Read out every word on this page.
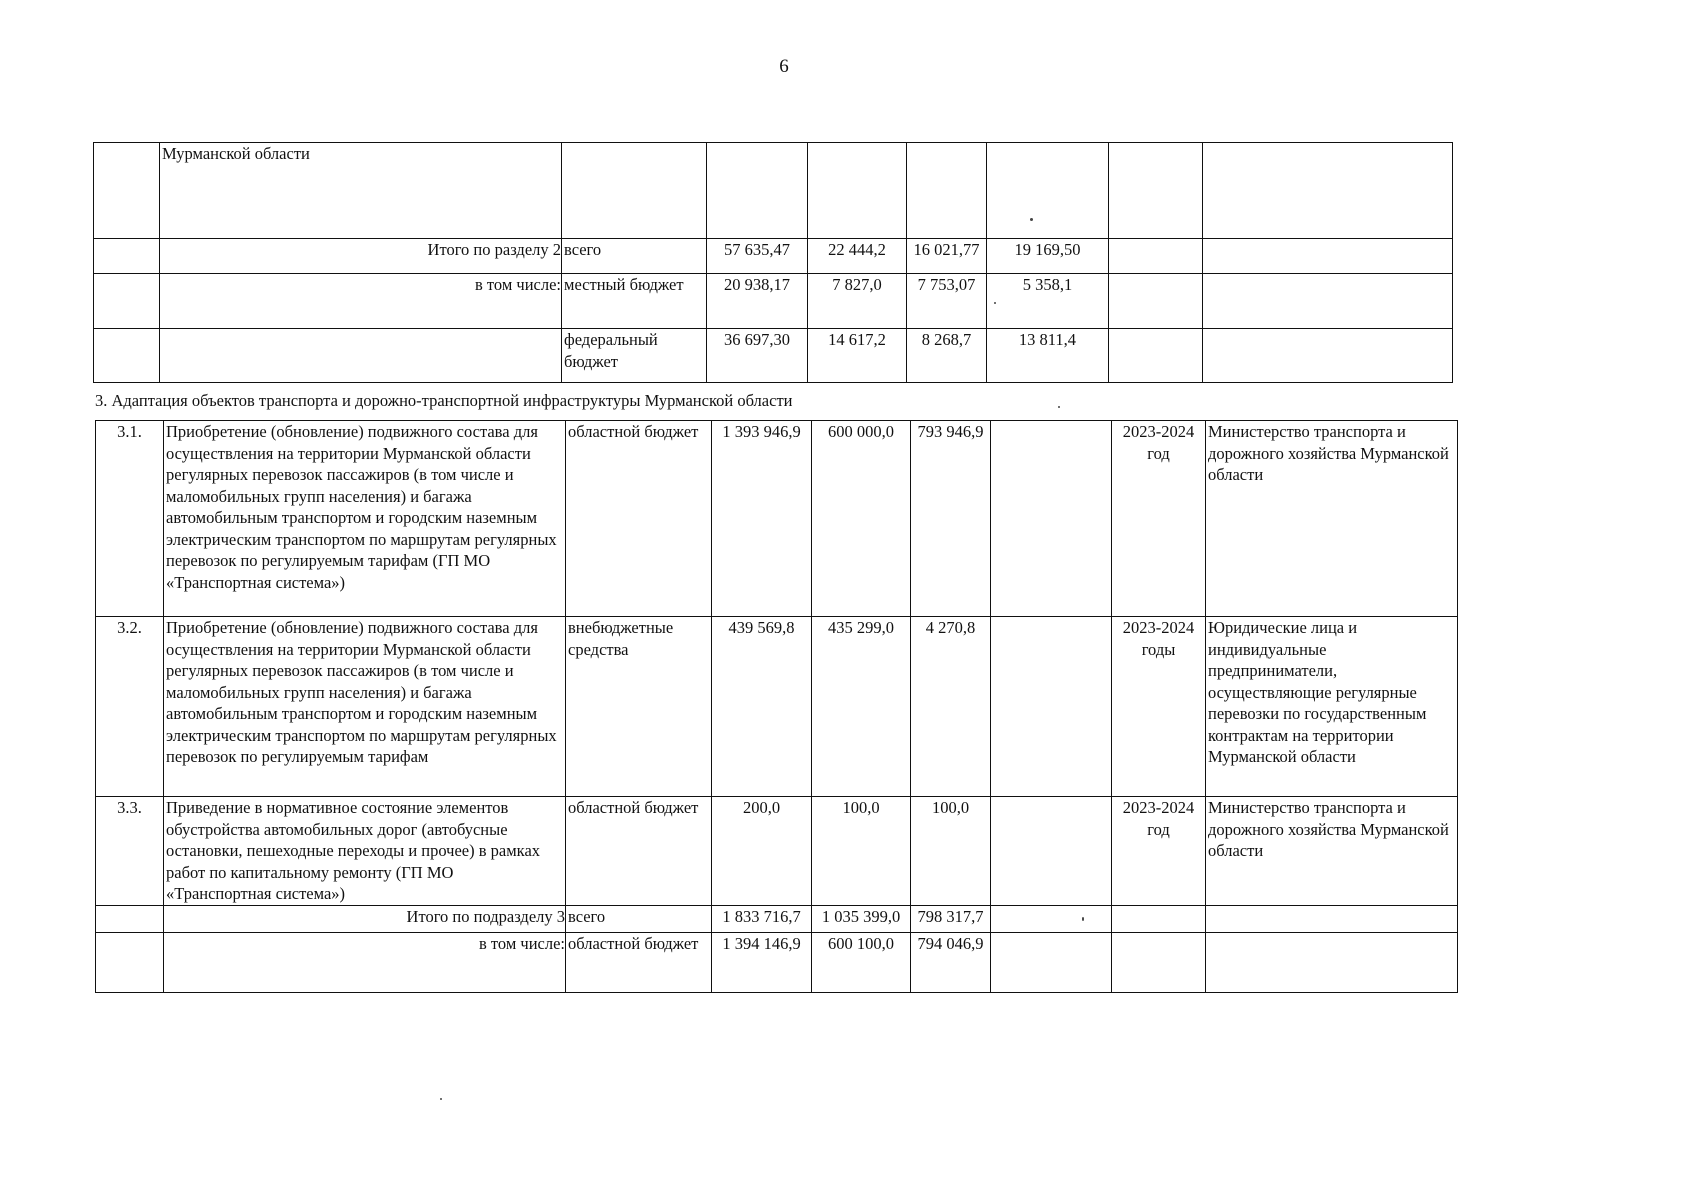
6
	Мурманской области							
	Итого по разделу 2	всего	57 635,47	22 444,2	16 021,77	19 169,50		
	в том числе:	местный бюджет	20 938,17	7 827,0	7 753,07	5 358,1		
		федеральный бюджет	36 697,30	14 617,2	8 268,7	13 811,4		
3. Адаптация объектов транспорта и дорожно-транспортной инфраструктуры Мурманской области
3.1.	Приобретение (обновление) подвижного состава для осуществления на территории Мурманской области регулярных перевозок пассажиров (в том числе и маломобильных групп населения) и багажа автомобильным транспортом и городским наземным электрическим транспортом по маршрутам регулярных перевозок по регулируемым тарифам (ГП МО «Транспортная система»)	областной бюджет	1 393 946,9	600 000,0	793 946,9		2023-2024 год	Министерство транспорта и дорожного хозяйства Мурманской области
3.2.	Приобретение (обновление) подвижного состава для осуществления на территории Мурманской области регулярных перевозок пассажиров (в том числе и маломобильных групп населения) и багажа автомобильным транспортом и городским наземным электрическим транспортом по маршрутам регулярных перевозок по регулируемым тарифам	внебюджетные средства	439 569,8	435 299,0	4 270,8		2023-2024 годы	Юридические лица и индивидуальные предприниматели, осуществляющие регулярные перевозки по государственным контрактам на территории Мурманской области
3.3.	Приведение в нормативное состояние элементов обустройства автомобильных дорог (автобусные остановки, пешеходные переходы и прочее) в рамках работ по капитальному ремонту (ГП МО «Транспортная система»)	областной бюджет	200,0	100,0	100,0		2023-2024 год	Министерство транспорта и дорожного хозяйства Мурманской области
	Итого по подразделу 3	всего	1 833 716,7	1 035 399,0	798 317,7			
	в том числе:	областной бюджет	1 394 146,9	600 100,0	794 046,9			
